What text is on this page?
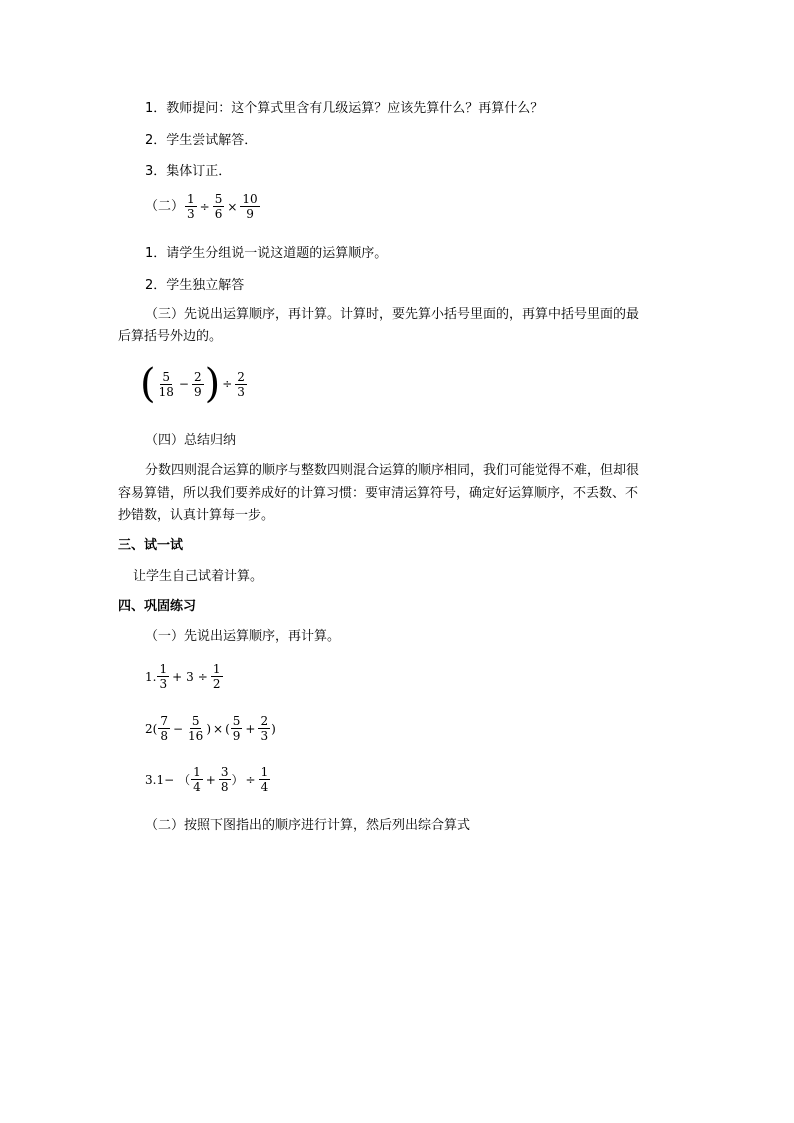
1．教师提问：这个算式里含有几级运算？应该先算什么？再算什么？
2．学生尝试解答．
3．集体订正．
（二） $\frac{1}{3} \div \frac{5}{6} \times \frac{10}{9}$
1．请学生分组说一说这道题的运算顺序。
2．学生独立解答
（三）先说出运算顺序，再计算。计算时，要先算小括号里面的，再算中括号里面的最
后算括号外边的。
( $\frac{5}{18} - \frac{2}{9}$ ) ÷ $\frac{2}{3}$
（四）总结归纳
分数四则混合运算的顺序与整数四则混合运算的顺序相同，我们可能觉得不难，但却很
容易算错，所以我们要养成好的计算习惯：要审清运算符号，确定好运算顺序，不丢数、不
抄错数，认真计算每一步。
三、试一试
让学生自己试着计算。
四、巩固练习
（一）先说出运算顺序，再计算。
1. $\frac{1}{3} + 3 \div \frac{1}{2}$
2 ( $\frac{7}{8} - \frac{5}{16}$ ) × ( $\frac{5}{9} + \frac{2}{3}$ )
3.1− （ $\frac{1}{4} + \frac{3}{8}$ ） ÷ $\frac{1}{4}$
（二）按照下图指出的顺序进行计算，然后列出综合算式
